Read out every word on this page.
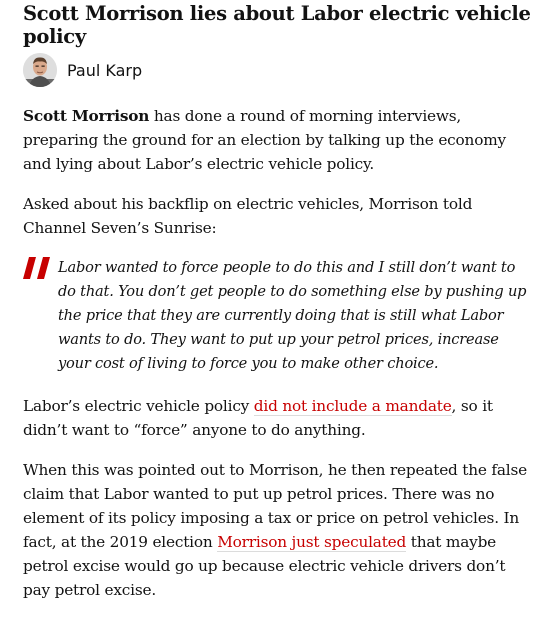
Scott Morrison lies about Labor electric vehicle policy
Paul Karp

Scott Morrison has done a round of morning interviews, preparing the ground for an election by talking up the economy and lying about Labor’s electric vehicle policy.

Asked about his backflip on electric vehicles, Morrison told Channel Seven’s Sunrise:

Labor wanted to force people to do this and I still don’t want to do that. You don’t get people to do something else by pushing up the price that they are currently doing that is still what Labor wants to do. They want to put up your petrol prices, increase your cost of living to force you to make other choice.

Labor’s electric vehicle policy did not include a mandate, so it didn’t want to “force” anyone to do anything.

When this was pointed out to Morrison, he then repeated the false claim that Labor wanted to put up petrol prices. There was no element of its policy imposing a tax or price on petrol vehicles. In fact, at the 2019 election Morrison just speculated that maybe petrol excise would go up because electric vehicle drivers don’t pay petrol excise.
